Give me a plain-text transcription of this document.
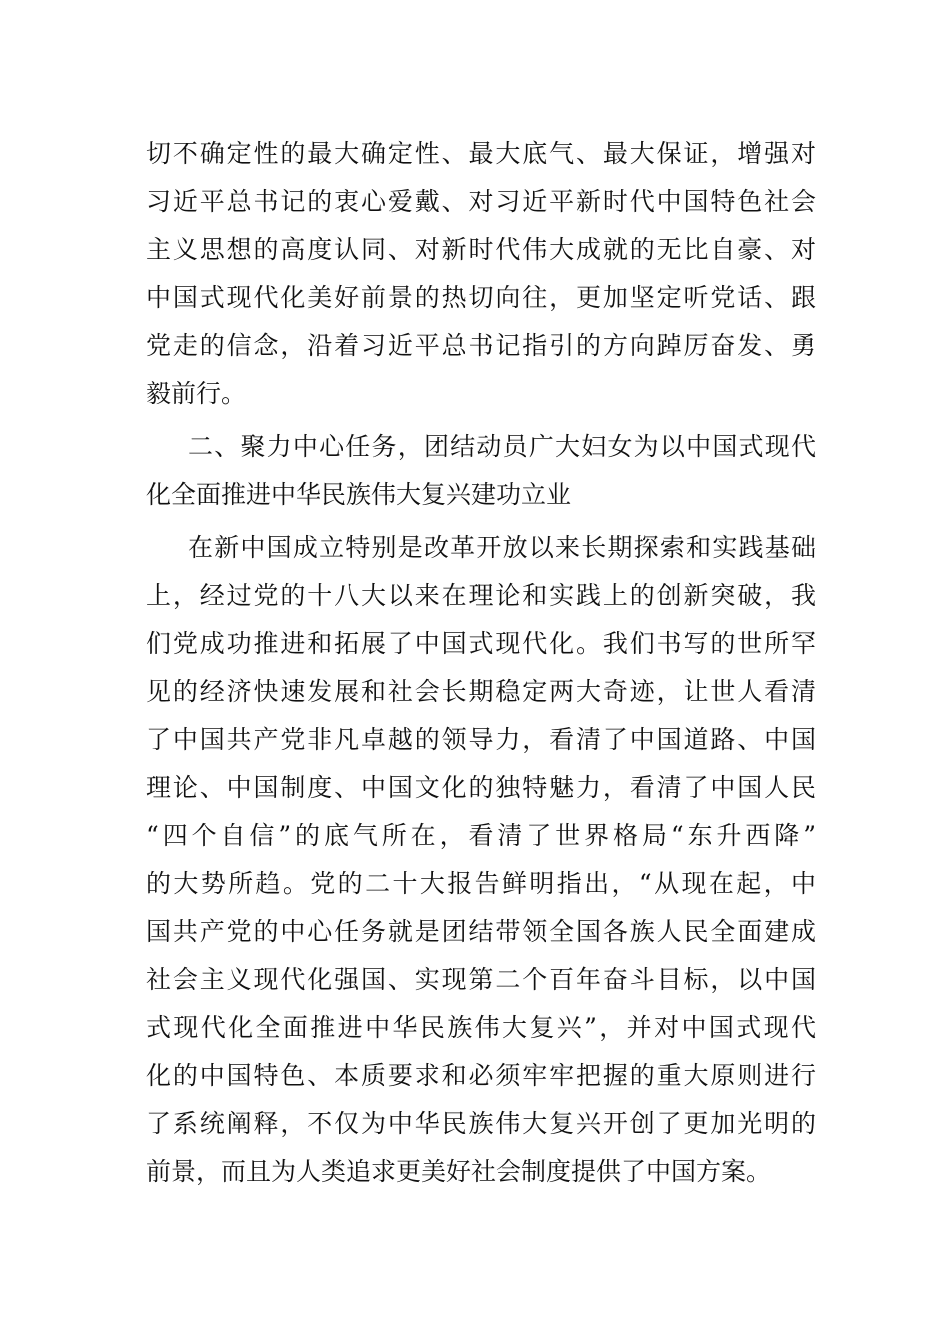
切不确定性的最大确定性、最大底气、最大保证，增强对
习近平总书记的衷心爱戴、对习近平新时代中国特色社会
主义思想的高度认同、对新时代伟大成就的无比自豪、对
中国式现代化美好前景的热切向往，更加坚定听党话、跟
党走的信念，沿着习近平总书记指引的方向踔厉奋发、勇
毅前行。
二、聚力中心任务，团结动员广大妇女为以中国式现代
化全面推进中华民族伟大复兴建功立业
在新中国成立特别是改革开放以来长期探索和实践基础
上，经过党的十八大以来在理论和实践上的创新突破，我
们党成功推进和拓展了中国式现代化。我们书写的世所罕
见的经济快速发展和社会长期稳定两大奇迹，让世人看清
了中国共产党非凡卓越的领导力，看清了中国道路、中国
理论、中国制度、中国文化的独特魅力，看清了中国人民
“四个自信”的底气所在，看清了世界格局“东升西降”
的大势所趋。党的二十大报告鲜明指出，“从现在起，中
国共产党的中心任务就是团结带领全国各族人民全面建成
社会主义现代化强国、实现第二个百年奋斗目标，以中国
式现代化全面推进中华民族伟大复兴”，并对中国式现代
化的中国特色、本质要求和必须牢牢把握的重大原则进行
了系统阐释，不仅为中华民族伟大复兴开创了更加光明的
前景，而且为人类追求更美好社会制度提供了中国方案。
